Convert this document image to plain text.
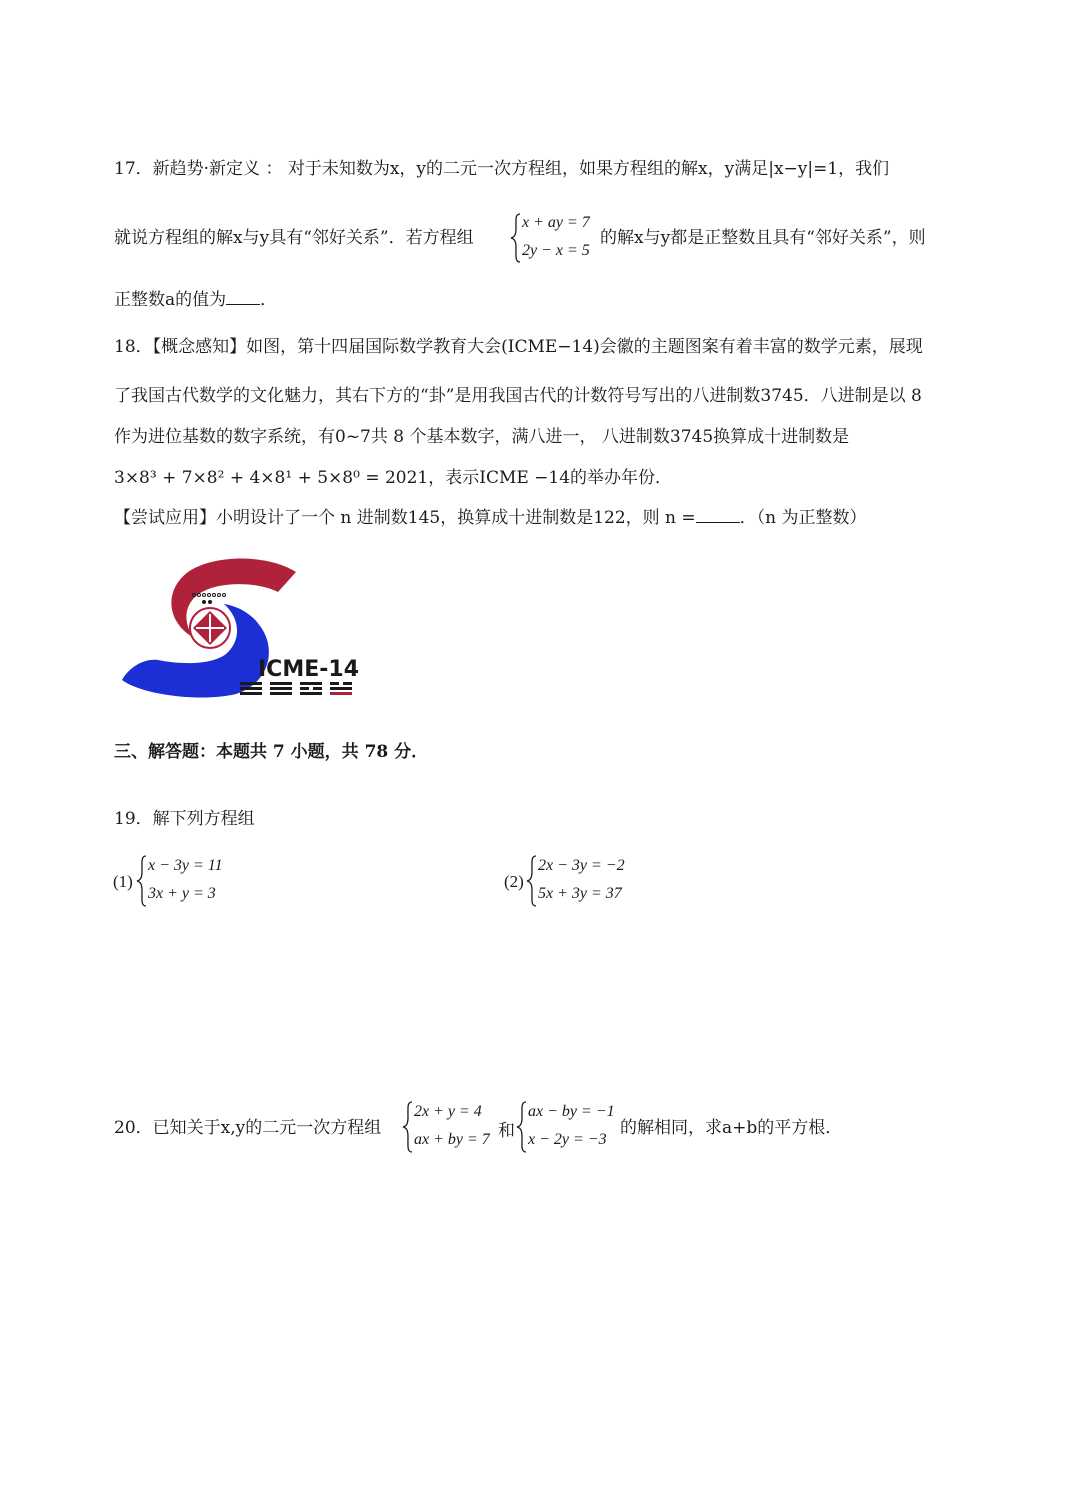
17．新趋势·新定义 ： 对于未知数为x，y的二元一次方程组，如果方程组的解x，y满足|x−y|=1，我们
就说方程组的解x与y具有“邻好关系”．若方程组
x + ay = 7
2y − x = 5
的解x与y都是正整数且具有“邻好关系”，则
正整数a的值为 ．
18．【概念感知】如图，第十四届国际数学教育大会(ICME−14)会徽的主题图案有着丰富的数学元素，展现
了我国古代数学的文化魅力，其右下方的“卦”是用我国古代的计数符号写出的八进制数3745．八进制是以 8
作为进位基数的数字系统，有0~7共 8 个基本数字，满八进一， 八进制数3745换算成十进制数是
3×8³ + 7×8² + 4×8¹ + 5×8⁰ = 2021，表示ICME −14的举办年份．
【尝试应用】小明设计了一个 n 进制数145，换算成十进制数是122，则 n =	．（n 为正整数）
ICME-14
三、解答题：本题共 7 小题，共 78 分．
19．解下列方程组
(1)
x − 3y = 11
3x + y = 3
(2)
2x − 3y = −2
5x + 3y = 37
20．已知关于x,y的二元一次方程组
2x + y = 4
ax + by = 7 和
ax − by = −1
x − 2y = −3
的解相同，求a+b的平方根．
